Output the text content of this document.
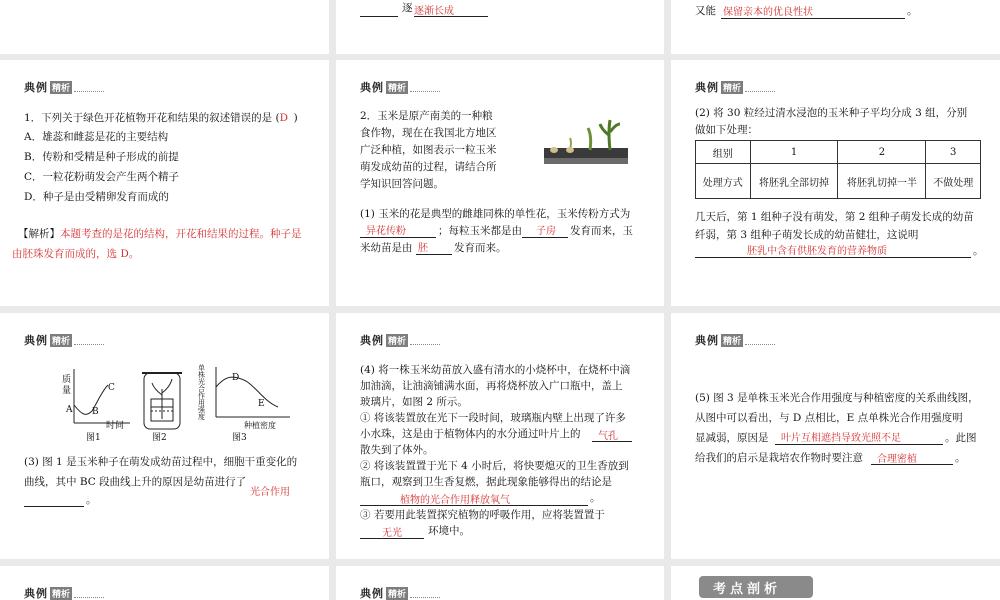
逐 逐渐长成	又能 保留亲本的优良性状	。
典例 精析
1．下列关于绿色开花植物开花和结果的叙述错误的是 (D )
A．雄蕊和雌蕊是花的主要结构
B．传粉和受精是种子形成的前提
C．一粒花粉萌发会产生两个精子
D．种子是由受精卵发育而成的
【解析】本题考查的是花的结构，开花和结果的过程。种子是
由胚珠发育而成的，选 D。
典例 精析
2．玉米是原产南美的一种粮
食作物，现在在我国北方地区
广泛种植，如图表示一粒玉米
萌发成幼苗的过程，请结合所
学知识回答问题。
(1) 玉米的花是典型的雌雄同株的单性花，玉米传粉方式为
异花传粉	；每粒玉米都是由 子房 发育而来，玉
米幼苗是由 胚 发育而来。
典例 精析
(2) 将 30 粒经过清水浸泡的玉米种子平均分成 3 组，分别
做如下处理：
组别	1	2	3
处理方式	将胚乳全部切掉	将胚乳切掉一半	不做处理
几天后，第 1 组种子没有萌发，第 2 组种子萌发长成的幼苗
纤弱，第 3 组种子萌发长成的幼苗健壮，这说明
胚乳中含有供胚发育的营养物质	。
典例 精析
质量
A B
C
时间
图1	图2
单
株
光
合
作
用
强
度
D
E
种植密度
图3
(3) 图 1 是玉米种子在萌发成幼苗过程中，细胞干重变化的
曲线，其中 BC 段曲线上升的原因是幼苗进行了
光合作用
。
典例 精析
(4) 将一株玉米幼苗放入盛有清水的小烧杯中，在烧杯中滴
加油滴，让油滴铺满水面，再将烧杯放入广口瓶中，盖上
玻璃片，如图 2 所示。
① 将该装置放在光下一段时间，玻璃瓶内壁上出现了许多
小水珠，这是由于植物体内的水分通过叶片上的 气孔
散失到了体外。
② 将该装置置于光下 4 小时后，将快要熄灭的卫生香放到
瓶口，观察到卫生香复燃，据此现象能够得出的结论是
植物的光合作用释放氧气	。
③ 若要用此装置探究植物的呼吸作用，应将装置置于
无光 环境中。
典例 精析
(5) 图 3 是单株玉米光合作用强度与种植密度的关系曲线图，
从图中可以看出，与 D 点相比，E 点单株光合作用强度明
显减弱，原因是 叶片互相遮挡导致光照不足	。此图
给我们的启示是栽培农作物时要注意 合理密植	。
典例 精析	典例 精析	考点剖析
